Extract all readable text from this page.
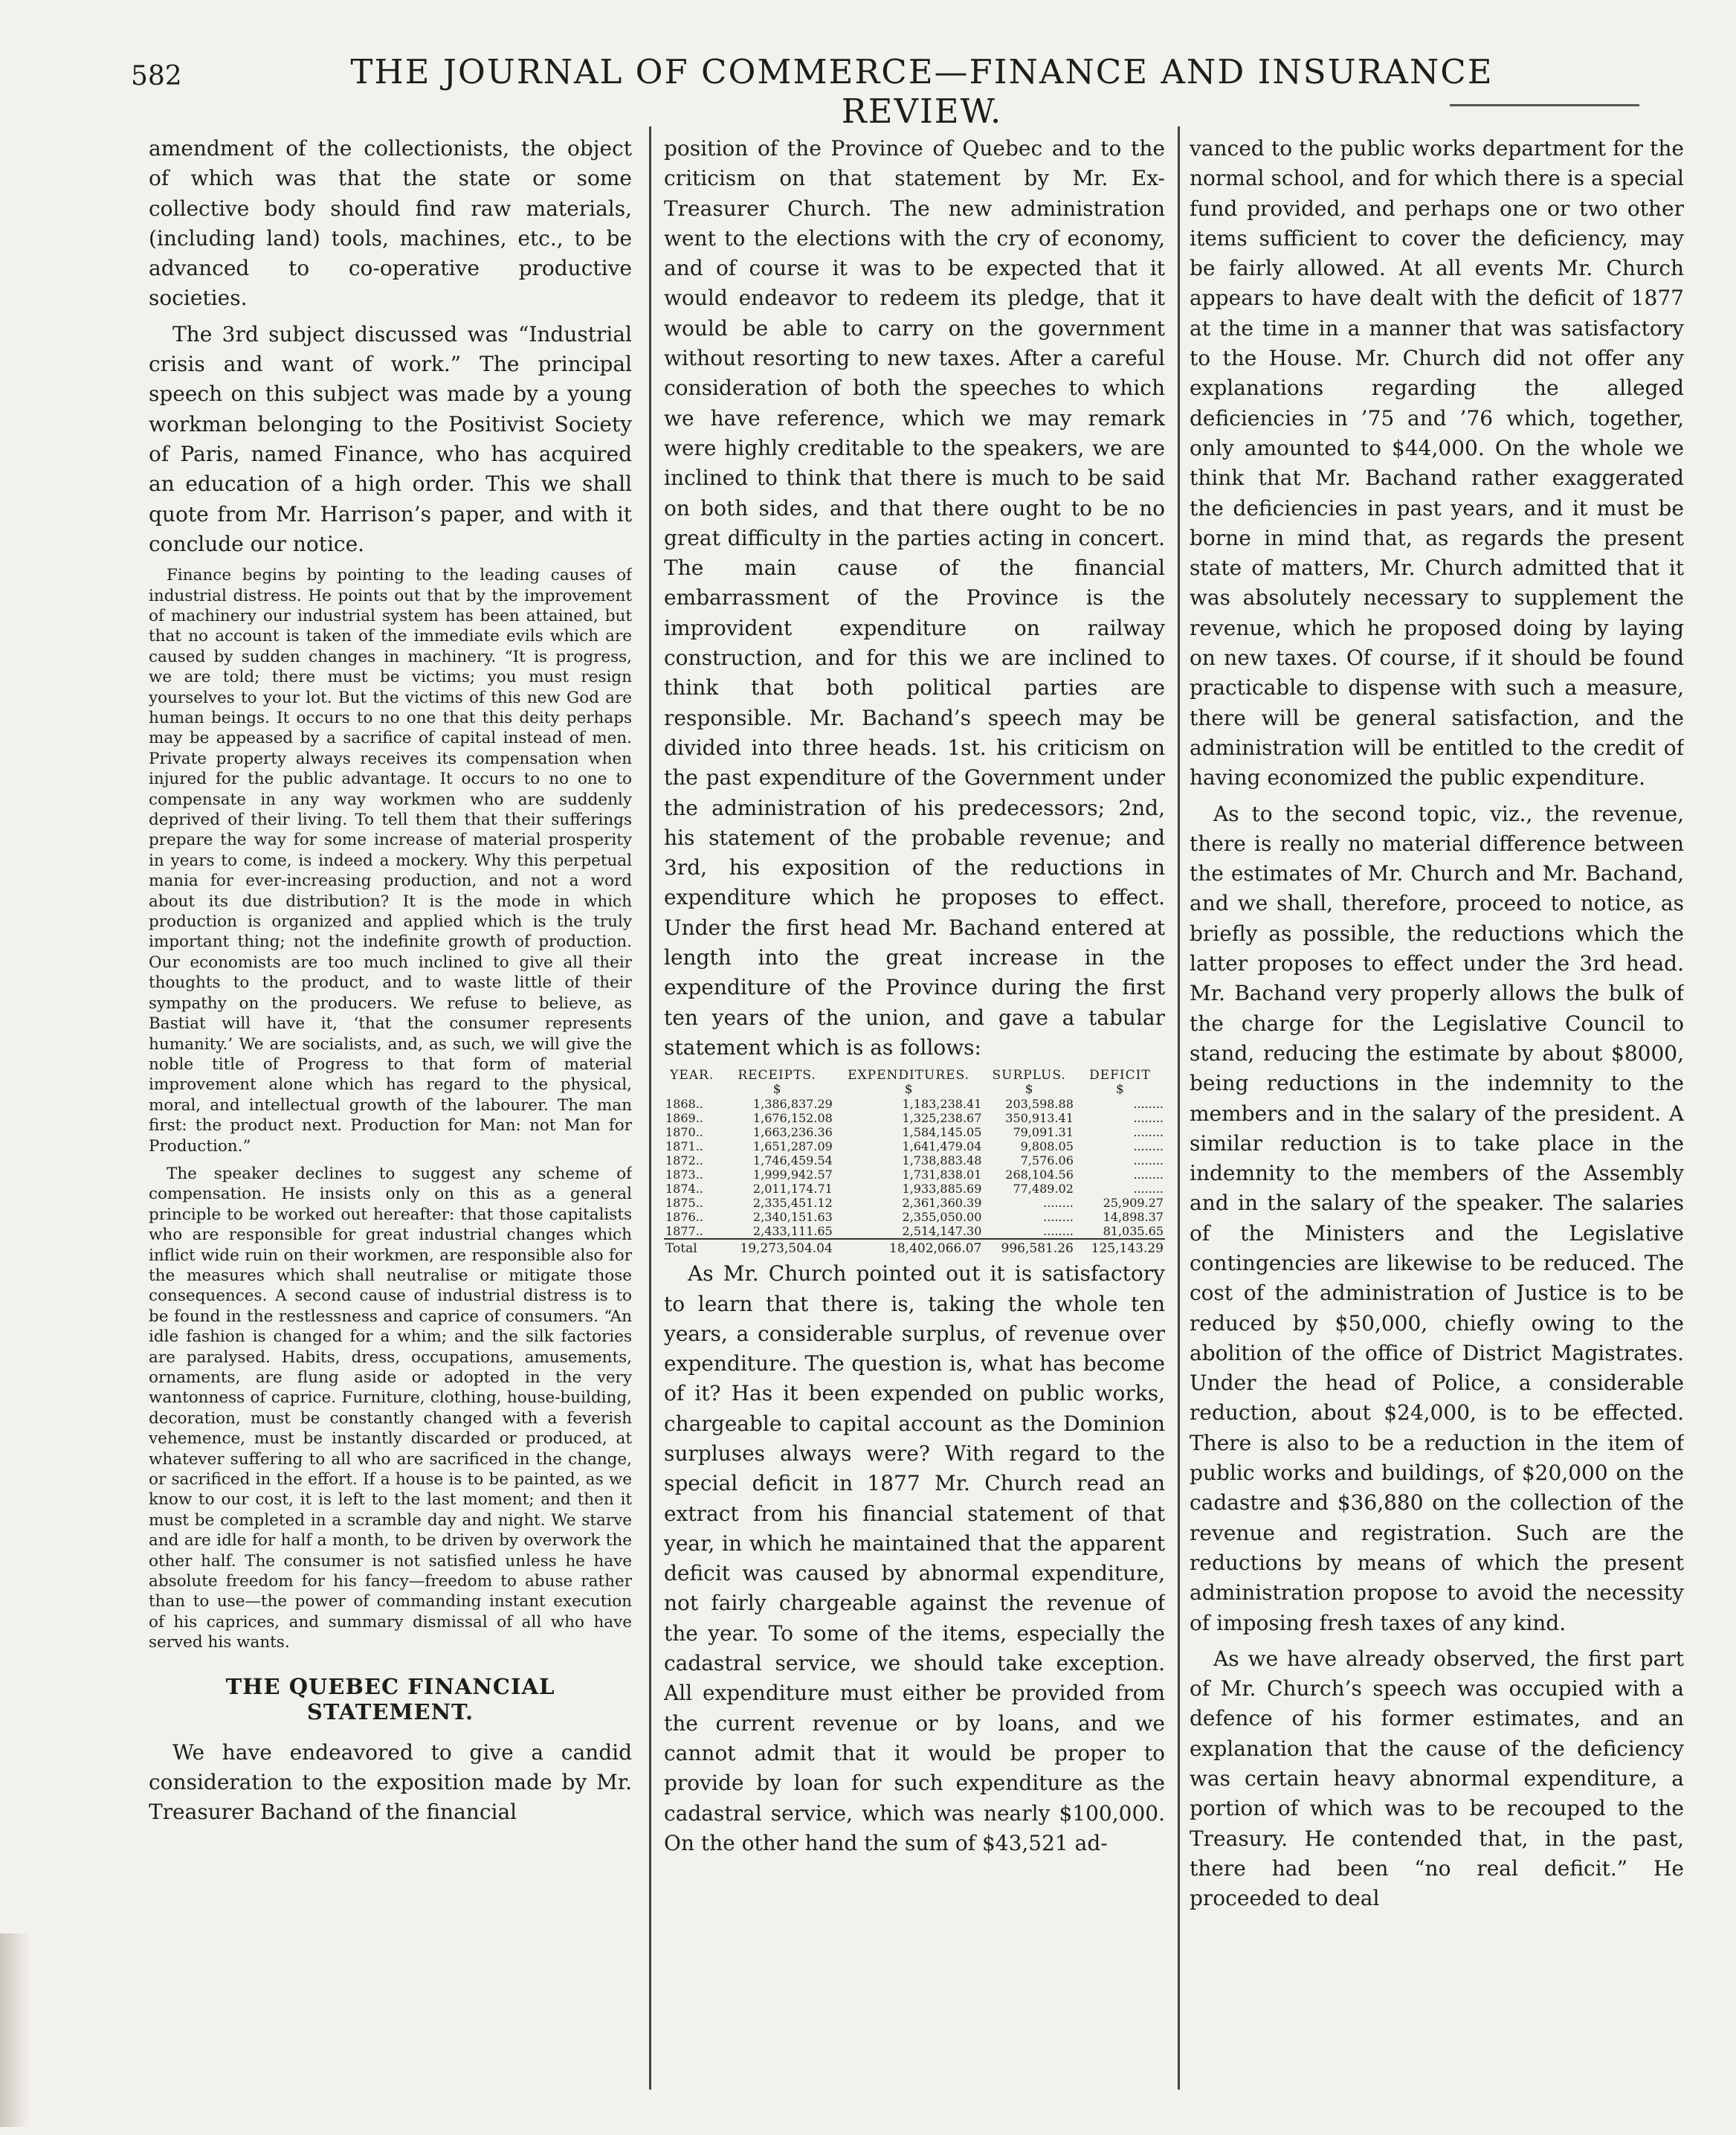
582	THE JOURNAL OF COMMERCE—FINANCE AND INSURANCE REVIEW.

amendment of the collectionists, the object of which was that the state or some collective body should find raw materials, (including land) tools, machines, etc., to be advanced to co-operative productive societies.

The 3rd subject discussed was “Industrial crisis and want of work.” The principal speech on this subject was made by a young workman belonging to the Positivist Society of Paris, named Finance, who has acquired an education of a high order. This we shall quote from Mr. Harrison’s paper, and with it conclude our notice.

Finance begins by pointing to the leading causes of industrial distress. He points out that by the improvement of machinery our industrial system has been attained, but that no account is taken of the immediate evils which are caused by sudden changes in machinery. “It is progress, we are told; there must be victims; you must resign yourselves to your lot. But the victims of this new God are human beings. It occurs to no one that this deity perhaps may be appeased by a sacrifice of capital instead of men. Private property always receives its compensation when injured for the public advantage. It occurs to no one to compensate in any way workmen who are suddenly deprived of their living. To tell them that their sufferings prepare the way for some increase of material prosperity in years to come, is indeed a mockery. Why this perpetual mania for ever-increasing production, and not a word about its due distribution? It is the mode in which production is organized and applied which is the truly important thing; not the indefinite growth of production. Our economists are too much inclined to give all their thoughts to the product, and to waste little of their sympathy on the producers. We refuse to believe, as Bastiat will have it, ‘that the consumer represents humanity.’ We are socialists, and, as such, we will give the noble title of Progress to that form of material improvement alone which has regard to the physical, moral, and intellectual growth of the labourer. The man first: the product next. Production for Man: not Man for Production.”

The speaker declines to suggest any scheme of compensation. He insists only on this as a general principle to be worked out hereafter: that those capitalists who are responsible for great industrial changes which inflict wide ruin on their workmen, are responsible also for the measures which shall neutralise or mitigate those consequences. A second cause of industrial distress is to be found in the restlessness and caprice of consumers. “An idle fashion is changed for a whim; and the silk factories are paralysed. Habits, dress, occupations, amusements, ornaments, are flung aside or adopted in the very wantonness of caprice. Furniture, clothing, house-building, decoration, must be constantly changed with a feverish vehemence, must be instantly discarded or produced, at whatever suffering to all who are sacrificed in the change, or sacrificed in the effort. If a house is to be painted, as we know to our cost, it is left to the last moment; and then it must be completed in a scramble day and night. We starve and are idle for half a month, to be driven by overwork the other half. The consumer is not satisfied unless he have absolute freedom for his fancy—freedom to abuse rather than to use—the power of commanding instant execution of his caprices, and summary dismissal of all who have served his wants.

THE QUEBEC FINANCIAL STATEMENT.

We have endeavored to give a candid consideration to the exposition made by Mr. Treasurer Bachand of the financial

position of the Province of Quebec and to the criticism on that statement by Mr. Ex-Treasurer Church. The new administration went to the elections with the cry of economy, and of course it was to be expected that it would endeavor to redeem its pledge, that it would be able to carry on the government without resorting to new taxes. After a careful consideration of both the speeches to which we have reference, which we may remark were highly creditable to the speakers, we are inclined to think that there is much to be said on both sides, and that there ought to be no great difficulty in the parties acting in concert. The main cause of the financial embarrassment of the Province is the improvident expenditure on railway construction, and for this we are inclined to think that both political parties are responsible. Mr. Bachand’s speech may be divided into three heads. 1st. his criticism on the past expenditure of the Government under the administration of his predecessors; 2nd, his statement of the probable revenue; and 3rd, his exposition of the reductions in expenditure which he proposes to effect. Under the first head Mr. Bachand entered at length into the great increase in the expenditure of the Province during the first ten years of the union, and gave a tabular statement which is as follows:

YEAR.	RECEIPTS.	EXPENDITURES.	SURPLUS.	DEFICIT
	$	$	$	$
1868..	1,386,837.29	1,183,238.41	203,598.88	........
1869..	1,676,152.08	1,325,238.67	350,913.41	........
1870..	1,663,236.36	1,584,145.05	79,091.31	........
1871..	1,651,287.09	1,641,479.04	9,808.05	........
1872..	1,746,459.54	1,738,883.48	7,576.06	........
1873..	1,999,942.57	1,731,838.01	268,104.56	........
1874..	2,011,174.71	1,933,885.69	77,489.02	........
1875..	2,335,451.12	2,361,360.39	........	25,909.27
1876..	2,340,151.63	2,355,050.00	........	14,898.37
1877..	2,433,111.65	2,514,147.30	........	81,035.65
Total	19,273,504.04	18,402,066.07	996,581.26	125,143.29

As Mr. Church pointed out it is satisfactory to learn that there is, taking the whole ten years, a considerable surplus, of revenue over expenditure. The question is, what has become of it? Has it been expended on public works, chargeable to capital account as the Dominion surpluses always were? With regard to the special deficit in 1877 Mr. Church read an extract from his financial statement of that year, in which he maintained that the apparent deficit was caused by abnormal expenditure, not fairly chargeable against the revenue of the year. To some of the items, especially the cadastral service, we should take exception. All expenditure must either be provided from the current revenue or by loans, and we cannot admit that it would be proper to provide by loan for such expenditure as the cadastral service, which was nearly $100,000. On the other hand the sum of $43,521 ad-

vanced to the public works department for the normal school, and for which there is a special fund provided, and perhaps one or two other items sufficient to cover the deficiency, may be fairly allowed. At all events Mr. Church appears to have dealt with the deficit of 1877 at the time in a manner that was satisfactory to the House. Mr. Church did not offer any explanations regarding the alleged deficiencies in ’75 and ’76 which, together, only amounted to $44,000. On the whole we think that Mr. Bachand rather exaggerated the deficiencies in past years, and it must be borne in mind that, as regards the present state of matters, Mr. Church admitted that it was absolutely necessary to supplement the revenue, which he proposed doing by laying on new taxes. Of course, if it should be found practicable to dispense with such a measure, there will be general satisfaction, and the administration will be entitled to the credit of having economized the public expenditure.

As to the second topic, viz., the revenue, there is really no material difference between the estimates of Mr. Church and Mr. Bachand, and we shall, therefore, proceed to notice, as briefly as possible, the reductions which the latter proposes to effect under the 3rd head. Mr. Bachand very properly allows the bulk of the charge for the Legislative Council to stand, reducing the estimate by about $8000, being reductions in the indemnity to the members and in the salary of the president. A similar reduction is to take place in the indemnity to the members of the Assembly and in the salary of the speaker. The salaries of the Ministers and the Legislative contingencies are likewise to be reduced. The cost of the administration of Justice is to be reduced by $50,000, chiefly owing to the abolition of the office of District Magistrates. Under the head of Police, a considerable reduction, about $24,000, is to be effected. There is also to be a reduction in the item of public works and buildings, of $20,000 on the cadastre and $36,880 on the collection of the revenue and registration. Such are the reductions by means of which the present administration propose to avoid the necessity of imposing fresh taxes of any kind.

As we have already observed, the first part of Mr. Church’s speech was occupied with a defence of his former estimates, and an explanation that the cause of the deficiency was certain heavy abnormal expenditure, a portion of which was to be recouped to the Treasury. He contended that, in the past, there had been “no real deficit.” He proceeded to deal
